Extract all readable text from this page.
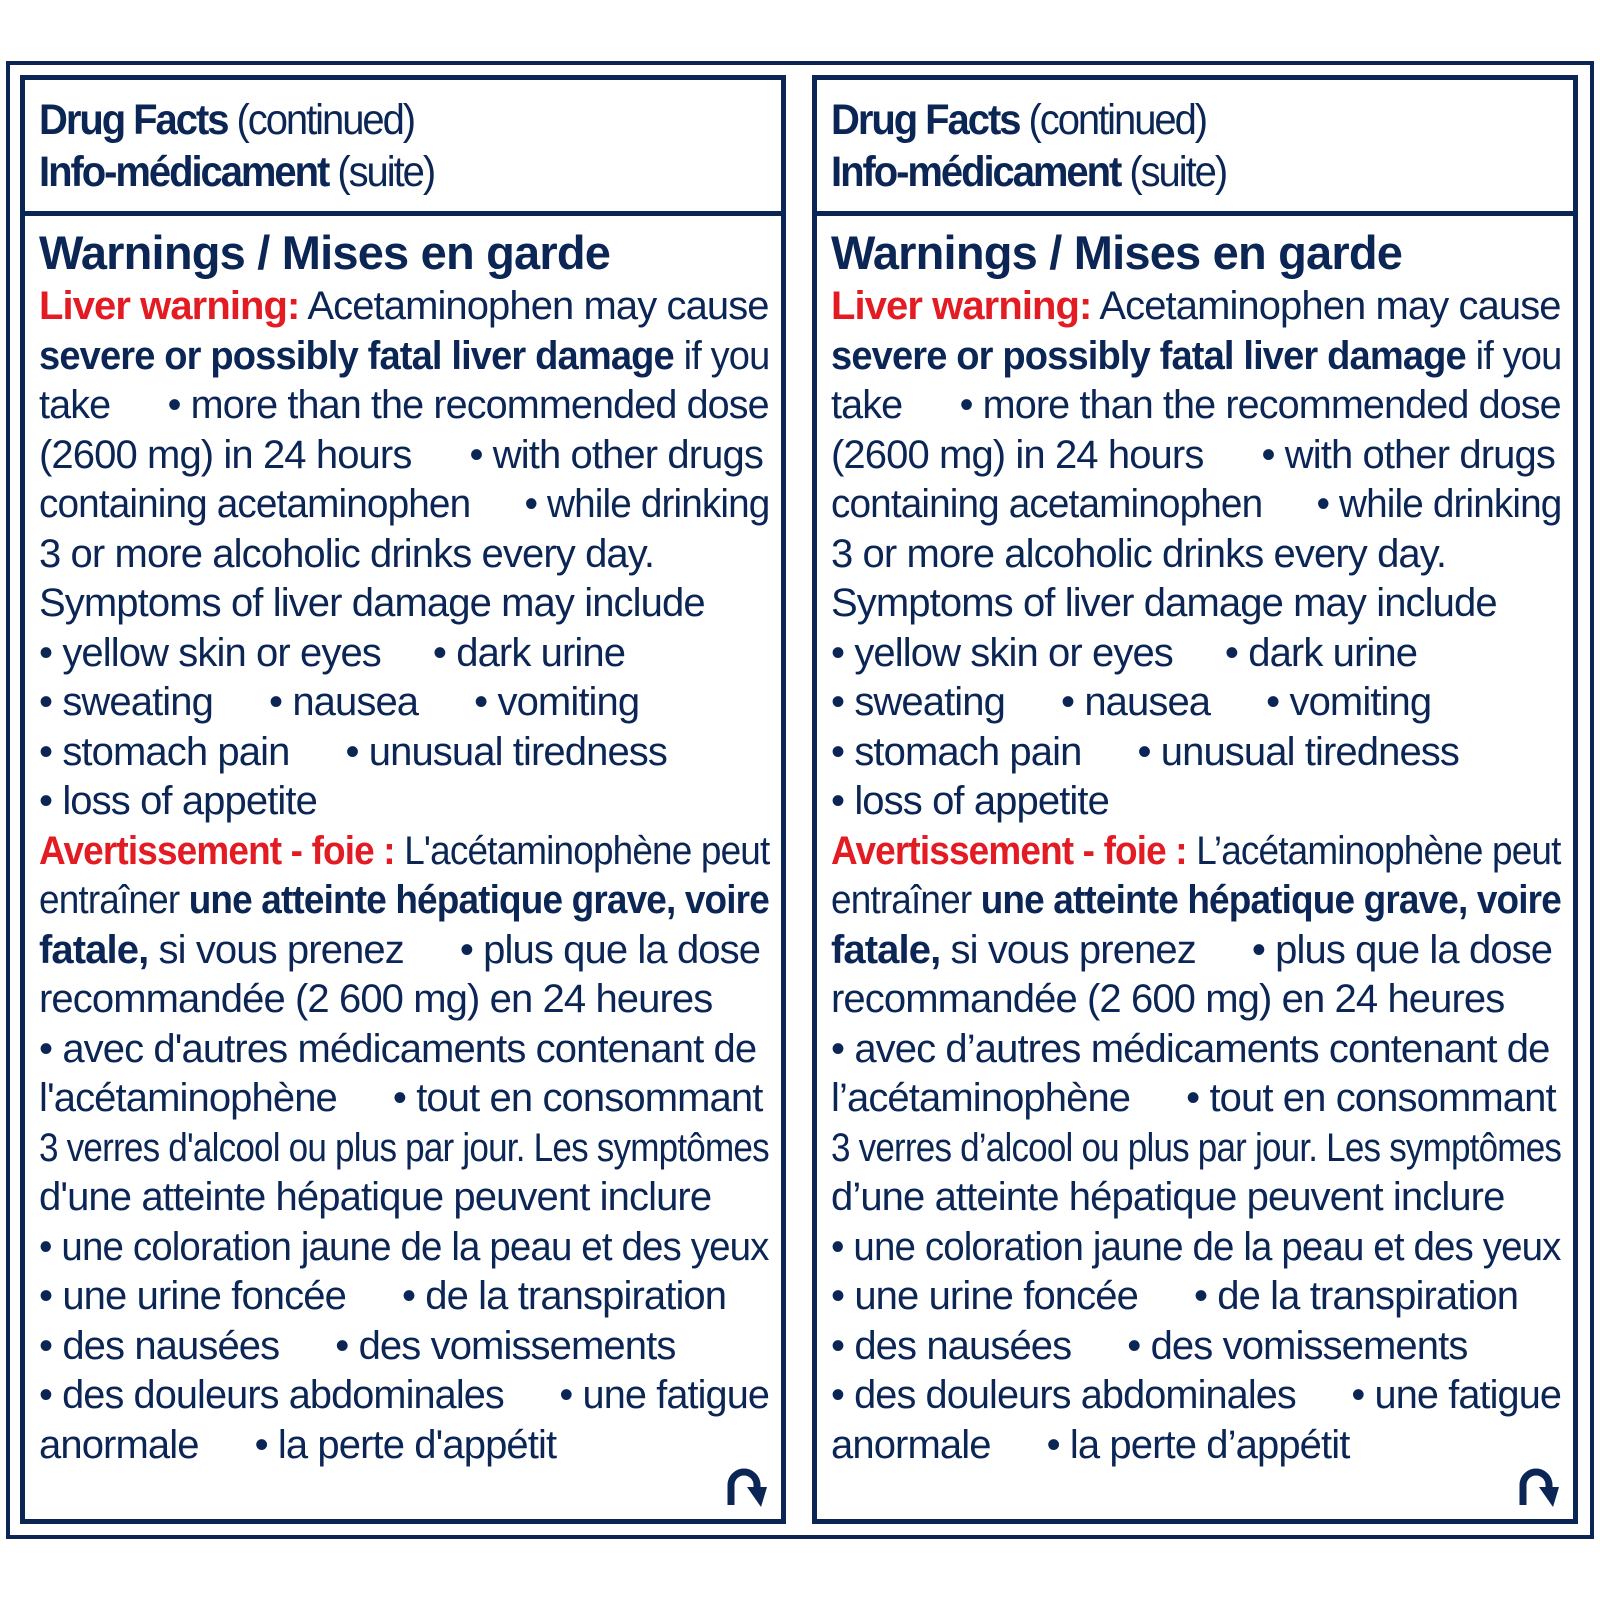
Drug Facts (continued)
Info-médicament (suite)
Warnings / Mises en garde
Liver warning: Acetaminophen may cause
severe or possibly fatal liver damage if you
take • more than the recommended dose
(2600 mg) in 24 hours • with other drugs
containing acetaminophen • while drinking
3 or more alcoholic drinks every day.
Symptoms of liver damage may include
• yellow skin or eyes • dark urine
• sweating • nausea • vomiting
• stomach pain • unusual tiredness
• loss of appetite
Avertissement - foie : L'acétaminophène peut
entraîner une atteinte hépatique grave, voire
fatale, si vous prenez • plus que la dose
recommandée (2 600 mg) en 24 heures
• avec d'autres médicaments contenant de
l'acétaminophène • tout en consommant
3 verres d'alcool ou plus par jour. Les symptômes
d'une atteinte hépatique peuvent inclure
• une coloration jaune de la peau et des yeux
• une urine foncée • de la transpiration
• des nausées • des vomissements
• des douleurs abdominales • une fatigue
anormale • la perte d'appétit
Drug Facts (continued)
Info-médicament (suite)
Warnings / Mises en garde
Liver warning: Acetaminophen may cause
severe or possibly fatal liver damage if you
take • more than the recommended dose
(2600 mg) in 24 hours • with other drugs
containing acetaminophen • while drinking
3 or more alcoholic drinks every day.
Symptoms of liver damage may include
• yellow skin or eyes • dark urine
• sweating • nausea • vomiting
• stomach pain • unusual tiredness
• loss of appetite
Avertissement - foie : L’acétaminophène peut
entraîner une atteinte hépatique grave, voire
fatale, si vous prenez • plus que la dose
recommandée (2 600 mg) en 24 heures
• avec d’autres médicaments contenant de
l’acétaminophène • tout en consommant
3 verres d’alcool ou plus par jour. Les symptômes
d’une atteinte hépatique peuvent inclure
• une coloration jaune de la peau et des yeux
• une urine foncée • de la transpiration
• des nausées • des vomissements
• des douleurs abdominales • une fatigue
anormale • la perte d’appétit
